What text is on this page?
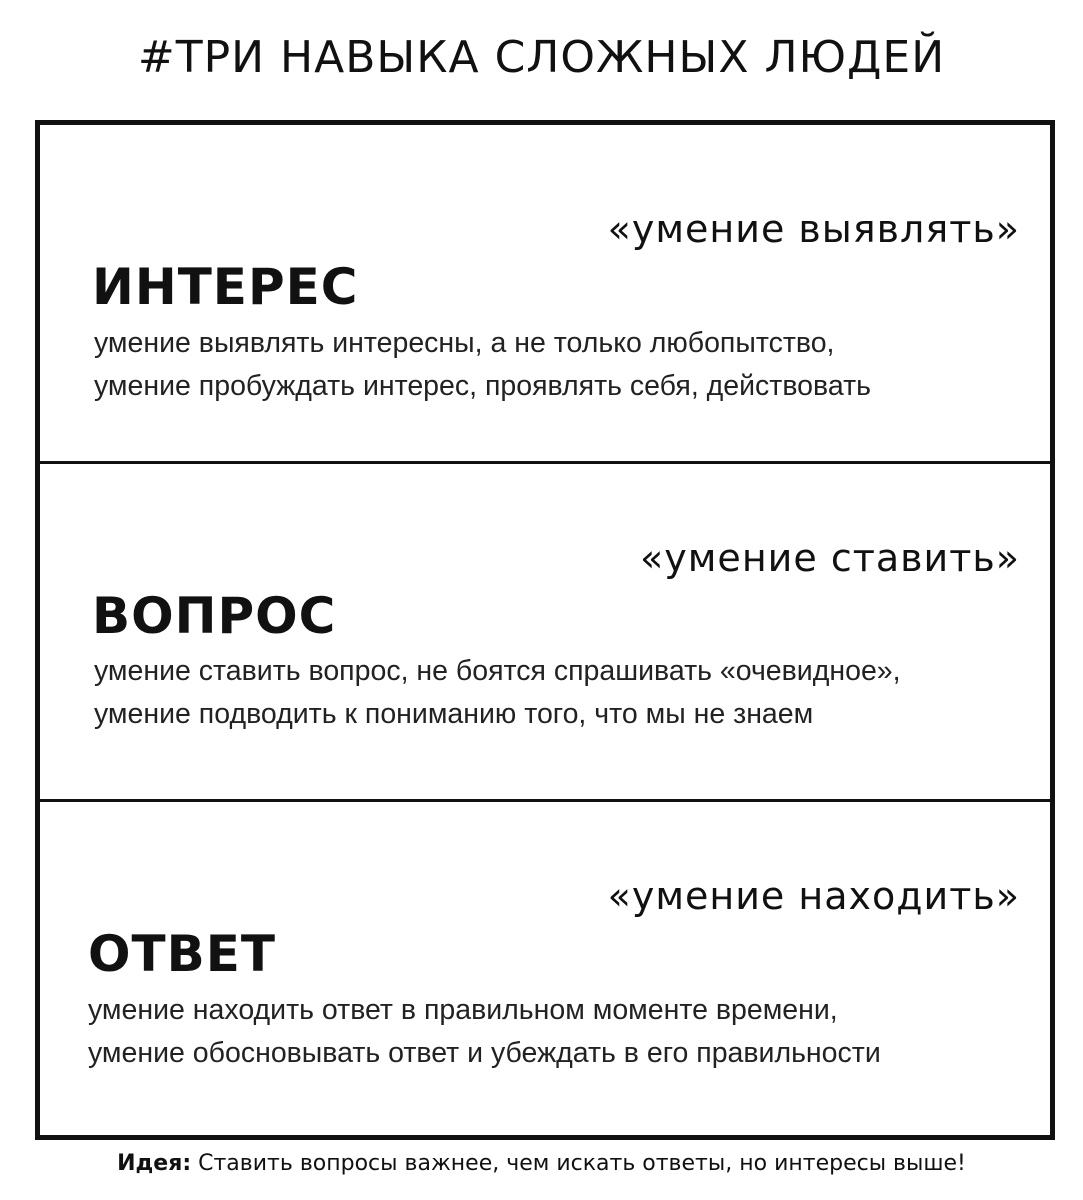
#ТРИ НАВЫКА СЛОЖНЫХ ЛЮДЕЙ
«умение выявлять»
ИНТЕРЕС
умение выявлять интересны, а не только любопытство,
умение пробуждать интерес, проявлять себя, действовать
«умение ставить»
ВОПРОС
умение ставить вопрос, не боятся спрашивать «очевидное»,
умение подводить к пониманию того, что мы не знаем
«умение находить»
ОТВЕТ
умение находить ответ в правильном моменте времени,
умение обосновывать ответ и убеждать в его правильности
Идея: Ставить вопросы важнее, чем искать ответы, но интересы выше!
